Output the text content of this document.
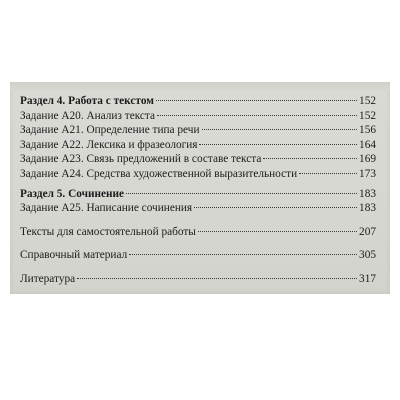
Раздел 4. Работа с текстом	152
Задание А20. Анализ текста	152
Задание А21. Определение типа речи	156
Задание А22. Лексика и фразеология	164
Задание А23. Связь предложений в составе текста	169
Задание А24. Средства художественной выразительности	173
Раздел 5. Сочинение	183
Задание А25. Написание сочинения	183
Тексты для самостоятельной работы	207
Справочный материал	305
Литература	317
